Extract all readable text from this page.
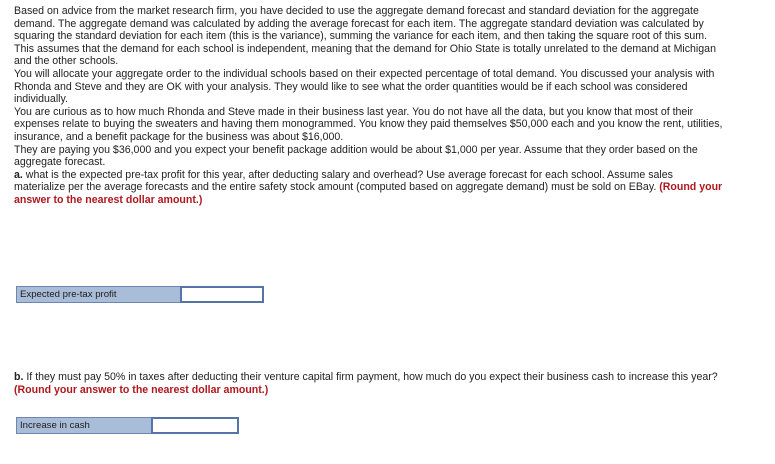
Based on advice from the market research firm, you have decided to use the aggregate demand forecast and standard deviation for the aggregate demand. The aggregate demand was calculated by adding the average forecast for each item. The aggregate standard deviation was calculated by squaring the standard deviation for each item (this is the variance), summing the variance for each item, and then taking the square root of this sum. This assumes that the demand for each school is independent, meaning that the demand for Ohio State is totally unrelated to the demand at Michigan and the other schools.

You will allocate your aggregate order to the individual schools based on their expected percentage of total demand. You discussed your analysis with Rhonda and Steve and they are OK with your analysis. They would like to see what the order quantities would be if each school was considered individually.

You are curious as to how much Rhonda and Steve made in their business last year. You do not have all the data, but you know that most of their expenses relate to buying the sweaters and having them monogrammed. You know they paid themselves $50,000 each and you know the rent, utilities, insurance, and a benefit package for the business was about $16,000.

They are paying you $36,000 and you expect your benefit package addition would be about $1,000 per year. Assume that they order based on the aggregate forecast.

a. what is the expected pre-tax profit for this year, after deducting salary and overhead? Use average forecast for each school. Assume sales materialize per the average forecasts and the entire safety stock amount (computed based on aggregate demand) must be sold on EBay. (Round your answer to the nearest dollar amount.)

b. If they must pay 50% in taxes after deducting their venture capital firm payment, how much do you expect their business cash to increase this year? (Round your answer to the nearest dollar amount.)

Expected pre-tax profit
Increase in cash
